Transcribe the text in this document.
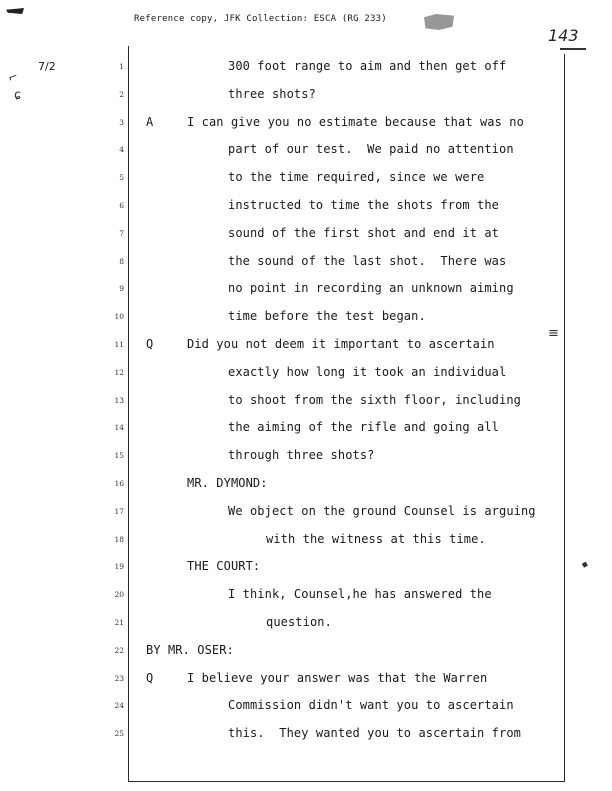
Reference copy, JFK Collection: ESCA (RG 233)
143
7/2
⌐
ɕ
≡
▪
1	300 foot range to aim and then get off
2	three shots?
3 A	I can give you no estimate because that was no
4	part of our test.  We paid no attention
5	to the time required, since we were
6	instructed to time the shots from the
7	sound of the first shot and end it at
8	the sound of the last shot.  There was
9	no point in recording an unknown aiming
10	time before the test began.
11 Q	Did you not deem it important to ascertain
12	exactly how long it took an individual
13	to shoot from the sixth floor, including
14	the aiming of the rifle and going all
15	through three shots?
16	MR. DYMOND:
17	We object on the ground Counsel is arguing
18	with the witness at this time.
19	THE COURT:
20	I think, Counsel,he has answered the
21	question.
22 BY MR. OSER:
23 Q	I believe your answer was that the Warren
24	Commission didn't want you to ascertain
25	this.  They wanted you to ascertain from
